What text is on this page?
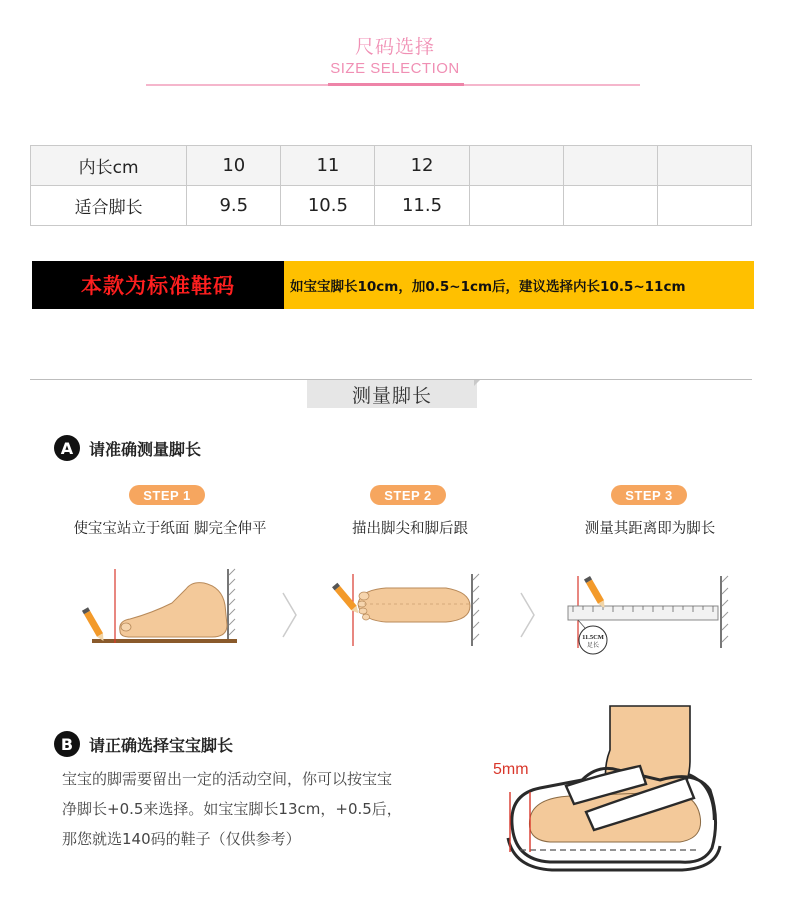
尺码选择
SIZE SELECTION
内长cm	10	11	12			
适合脚长	9.5	10.5	11.5			
本款为标准鞋码	如宝宝脚长10cm，加0.5~1cm后，建议选择内长10.5~11cm
测量脚长
A 请准确测量脚长
STEP 1	STEP 2	STEP 3
使宝宝站立于纸面 脚完全伸平	描出脚尖和脚后跟	测量其距离即为脚长
11.5CM
足长
B 请正确选择宝宝脚长
宝宝的脚需要留出一定的活动空间，你可以按宝宝
净脚长+0.5来选择。如宝宝脚长13cm，+0.5后，
那您就选140码的鞋子（仅供参考）
5mm
